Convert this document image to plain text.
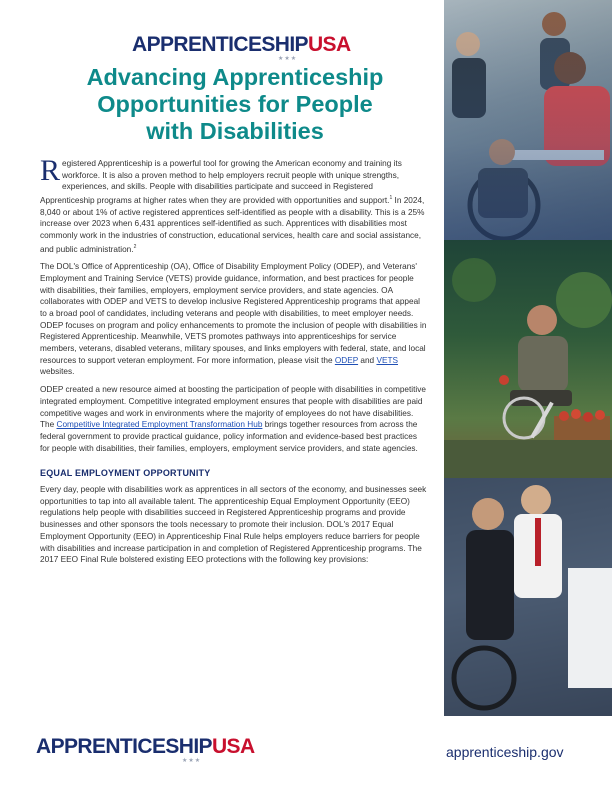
APPRENTICESHIPUSA
★★★
Advancing Apprenticeship
Opportunities for People
with Disabilities

Registered Apprenticeship is a powerful tool for growing the American economy and training its workforce. It is also a proven method to help employers recruit people with unique strengths, experiences, and skills. People with disabilities participate and succeed in Registered Apprenticeship programs at higher rates when they are provided with opportunities and support.$^1$ In 2024, 8,040 or about 1% of active registered apprentices self-identified as people with a disability. This is a 25% increase over 2023 when 6,431 apprentices self-identified as such. Apprentices with disabilities most commonly work in the industries of construction, educational services, health care and social assistance, and public administration.$^2$

The DOL's Office of Apprenticeship (OA), Office of Disability Employment Policy (ODEP), and Veterans' Employment and Training Service (VETS) provide guidance, information, and best practices for people with disabilities, their families, employers, employment service providers, and state agencies. OA collaborates with ODEP and VETS to develop inclusive Registered Apprenticeship programs that appeal to a broad pool of candidates, including veterans and people with disabilities, to meet employer needs. ODEP focuses on program and policy enhancements to promote the inclusion of people with disabilities in Registered Apprenticeship. Meanwhile, VETS promotes pathways into apprenticeships for service members, veterans, disabled veterans, military spouses, and links employers with federal, state, and local resources to support veteran employment. For more information, please visit the ODEP and VETS websites.

ODEP created a new resource aimed at boosting the participation of people with disabilities in competitive integrated employment. Competitive integrated employment ensures that people with disabilities are paid competitive wages and work in environments where the majority of employees do not have disabilities. The Competitive Integrated Employment Transformation Hub brings together resources from across the federal government to provide practical guidance, policy information and evidence-based best practices for people with disabilities, their families, employers, employment service providers, and state agencies.

EQUAL EMPLOYMENT OPPORTUNITY

Every day, people with disabilities work as apprentices in all sectors of the economy, and businesses seek opportunities to tap into all available talent. The apprenticeship Equal Employment Opportunity (EEO) regulations help people with disabilities succeed in Registered Apprenticeship programs and provide businesses and other sponsors the tools necessary to promote their inclusion. DOL's 2017 Equal Employment Opportunity (EEO) in Apprenticeship Final Rule helps employers reduce barriers for people with disabilities and increase participation in and completion of Registered Apprenticeship programs. The 2017 EEO Final Rule bolstered existing EEO protections with the following key provisions:

APPRENTICESHIPUSA
★★★
apprenticeship.gov
